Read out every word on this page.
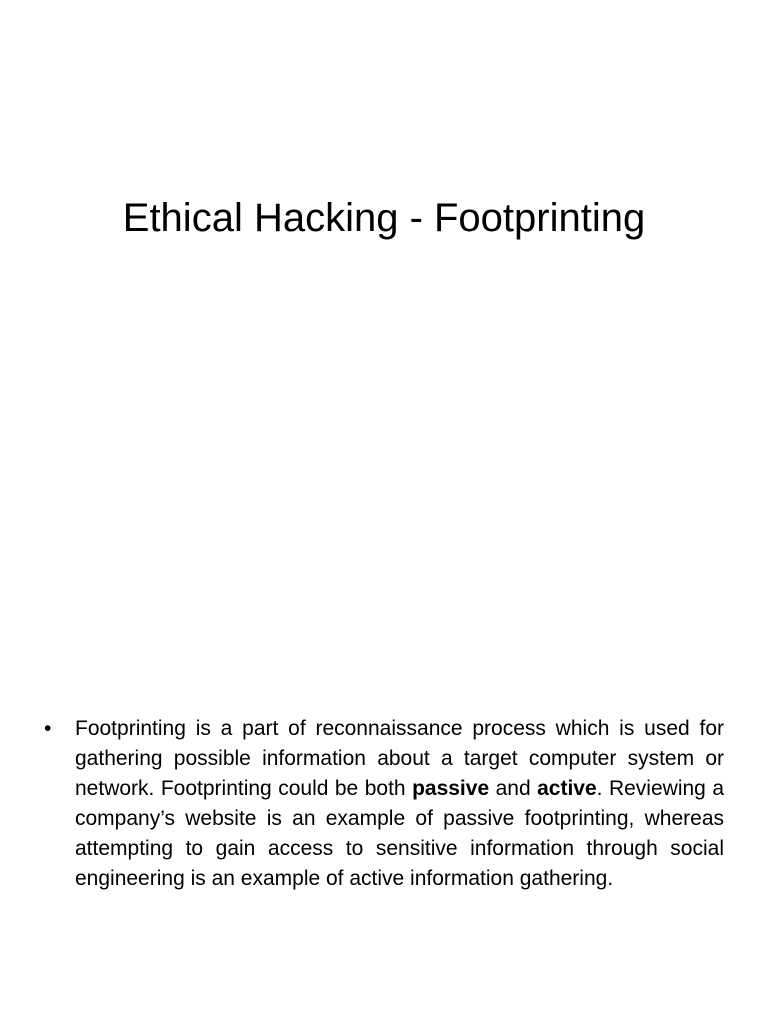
Ethical Hacking - Footprinting
•	Footprinting is a part of reconnaissance process which is used for gathering possible information about a target computer system or network. Footprinting could be both passive and active. Reviewing a company’s website is an example of passive footprinting, whereas attempting to gain access to sensitive information through social engineering is an example of active information gathering.
